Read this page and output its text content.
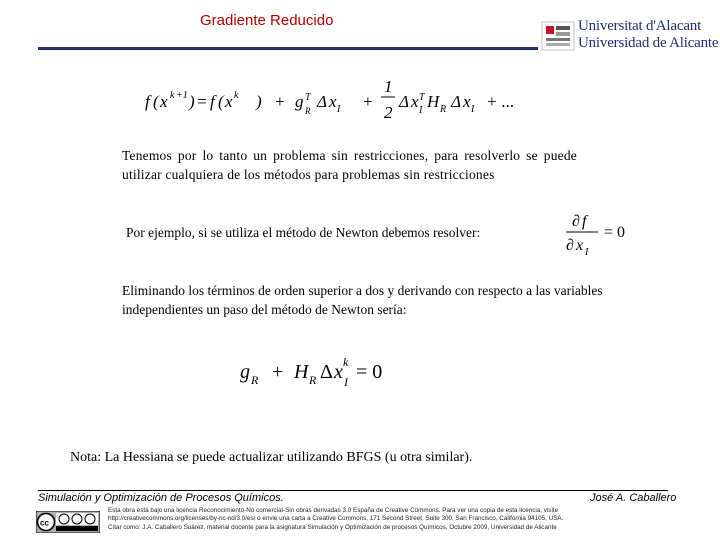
Gradiente Reducido	Universitat d'Alacant
Universidad de Alicante
f ( x k +1 ) = f ( x k ) + g T
R Δ x I +
1
2
Δ x T
I H R Δ x I + ...
Tenemos por lo tanto un problema sin restricciones, para resolverlo se puede utilizar cualquiera de los métodos para problemas sin restricciones
Por ejemplo, si se utiliza el método de Newton debemos resolver:
∂ f
∂ x I
= 0
Eliminando los términos de orden superior a dos y derivando con respecto a las variables independientes un paso del método de Newton sería:
g R + H R Δ x k
I = 0
Nota: La Hessiana se puede actualizar utilizando BFGS (u otra similar).
Simulación y Optimización de Procesos Químicos.	José A. Caballero
cc
Esta obra está bajo una licencia Reconocimiento-No comercial-Sin obras derivadas 3.0 España de Creative Commons. Para ver una copia de esta licencia, visite
http://creativecommons.org/licenses/by-nc-nd/3.0/es/ o envie una carta a Creative Commons, 171 Second Street, Suite 300, San Francisco, California 94105, USA.
Cítar como: J.A. Caballero Suárez, material docente para la asignatura Simulación y Optimización de procesos Químicos, Octubre 2009, Universidad de Alicante
